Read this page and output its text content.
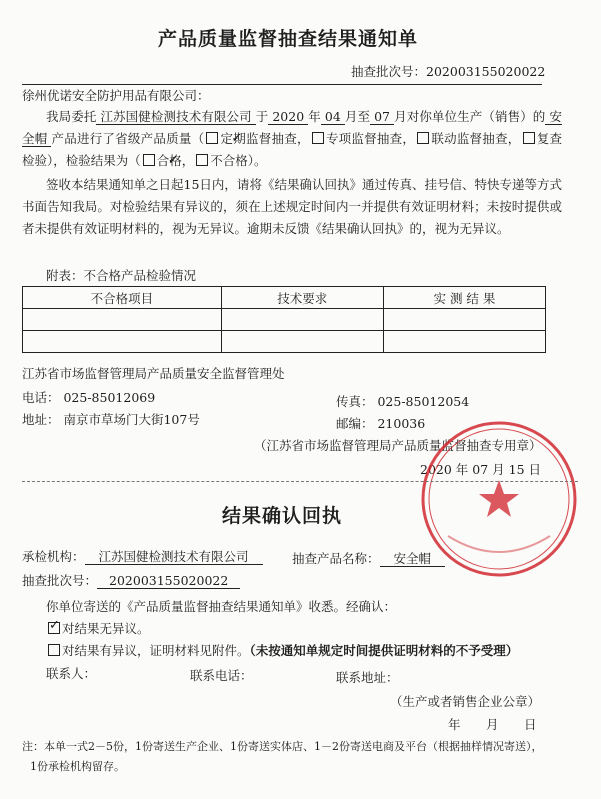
产品质量监督抽查结果通知单
抽查批次号：202003155020022
徐州优诺安全防护用品有限公司：
我局委托 江苏国健检测技术有限公司 于 2020 年 04 月至 07 月对你单位生产（销售）的 安全帽 产品进行了省级产品质量（ ✓ 定期监督抽查， 专项监督抽查， 联动监督抽查， 复查检验），检验结果为（ ✓ 合格， 不合格）。
签收本结果通知单之日起15日内，请将《结果确认回执》通过传真、挂号信、特快专递等方式书面告知我局。对检验结果有异议的，须在上述规定时间内一并提供有效证明材料；未按时提供或者未提供有效证明材料的，视为无异议。逾期未反馈《结果确认回执》的，视为无异议。
附表：不合格产品检验情况
不合格项目	技术要求	实 测 结 果

江苏省市场监督管理局产品质量安全监督管理处
电话： 025-85012069	传真： 025-85012054
地址： 南京市草场门大街107号	邮编： 210036
（江苏省市场监督管理局产品质量监督抽查专用章）
2020 年 07 月 15 日
结果确认回执
承检机构： 江苏国健检测技术有限公司	抽查产品名称： 安全帽
抽查批次号： 202003155020022
你单位寄送的《产品质量监督抽查结果通知单》收悉。经确认：
✓对结果无异议。
对结果有异议，证明材料见附件。（未按通知单规定时间提供证明材料的不予受理）
联系人：	联系电话：	联系地址：
（生产或者销售企业公章）
年 月 日
注：本单一式2－5份，1份寄送生产企业、1份寄送实体店、1－2份寄送电商及平台（根据抽样情况寄送），
1份承检机构留存。
